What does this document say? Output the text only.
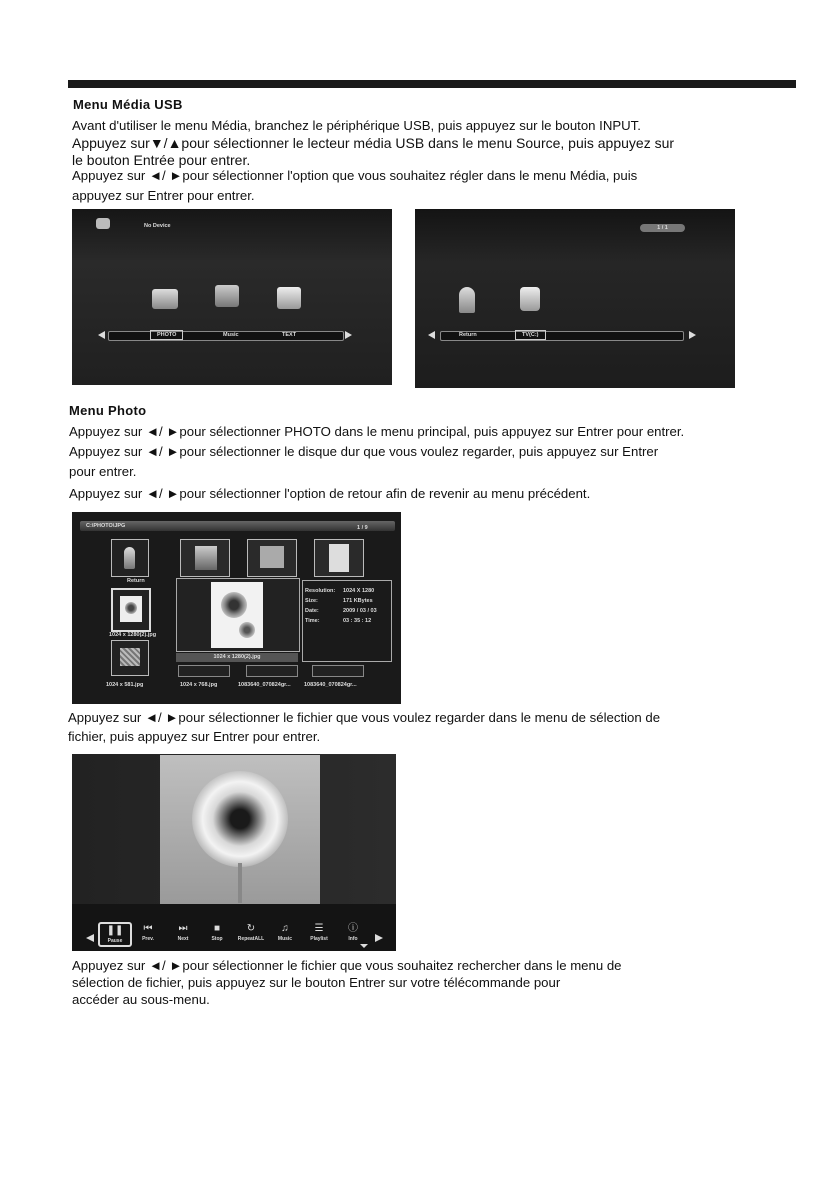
Menu Média USB
Avant d'utiliser le menu Média, branchez le périphérique USB, puis appuyez sur le bouton INPUT.
Appuyez sur▼/▲pour sélectionner le lecteur média USB dans le menu Source, puis appuyez sur
le bouton Entrée pour entrer.
Appuyez sur ◄/ ►pour sélectionner l'option que vous souhaitez régler dans le menu Média, puis
appuyez sur Entrer pour entrer.
No Device
PHOTO	Music	TEXT
1 / 1
Return	TV(C:)
Menu Photo
Appuyez sur ◄/ ►pour sélectionner PHOTO dans le menu principal, puis appuyez sur Entrer pour entrer.
Appuyez sur ◄/ ►pour sélectionner le disque dur que vous voulez regarder, puis appuyez sur Entrer
pour entrer.
Appuyez sur ◄/ ►pour sélectionner l'option de retour afin de revenir au menu précédent.
C:\PHOTO\JPG	1 / 9
Return
1024 x 1280(2).jpg
1024 x 1280(2).jpg
Resolution: 1024 X 1280
Size:	171 KBytes
Date:	2009 / 03 / 03
Time:	03 : 35 : 12
1024 x 581.jpg	1024 x 768.jpg	1083640_070824gr... 1083640_070824gr...
Appuyez sur ◄/ ►pour sélectionner le fichier que vous voulez regarder dans le menu de sélection de
fichier, puis appuyez sur Entrer pour entrer.
❚❚
Pause
⏮
Prev.
⏭
Next
■
Stop
↻
RepeatALL
♫
Music
☰
Playlist
ⓘ
Info
Appuyez sur ◄/ ►pour sélectionner le fichier que vous souhaitez rechercher dans le menu de
sélection de fichier, puis appuyez sur le bouton Entrer sur votre télécommande pour
accéder au sous-menu.
